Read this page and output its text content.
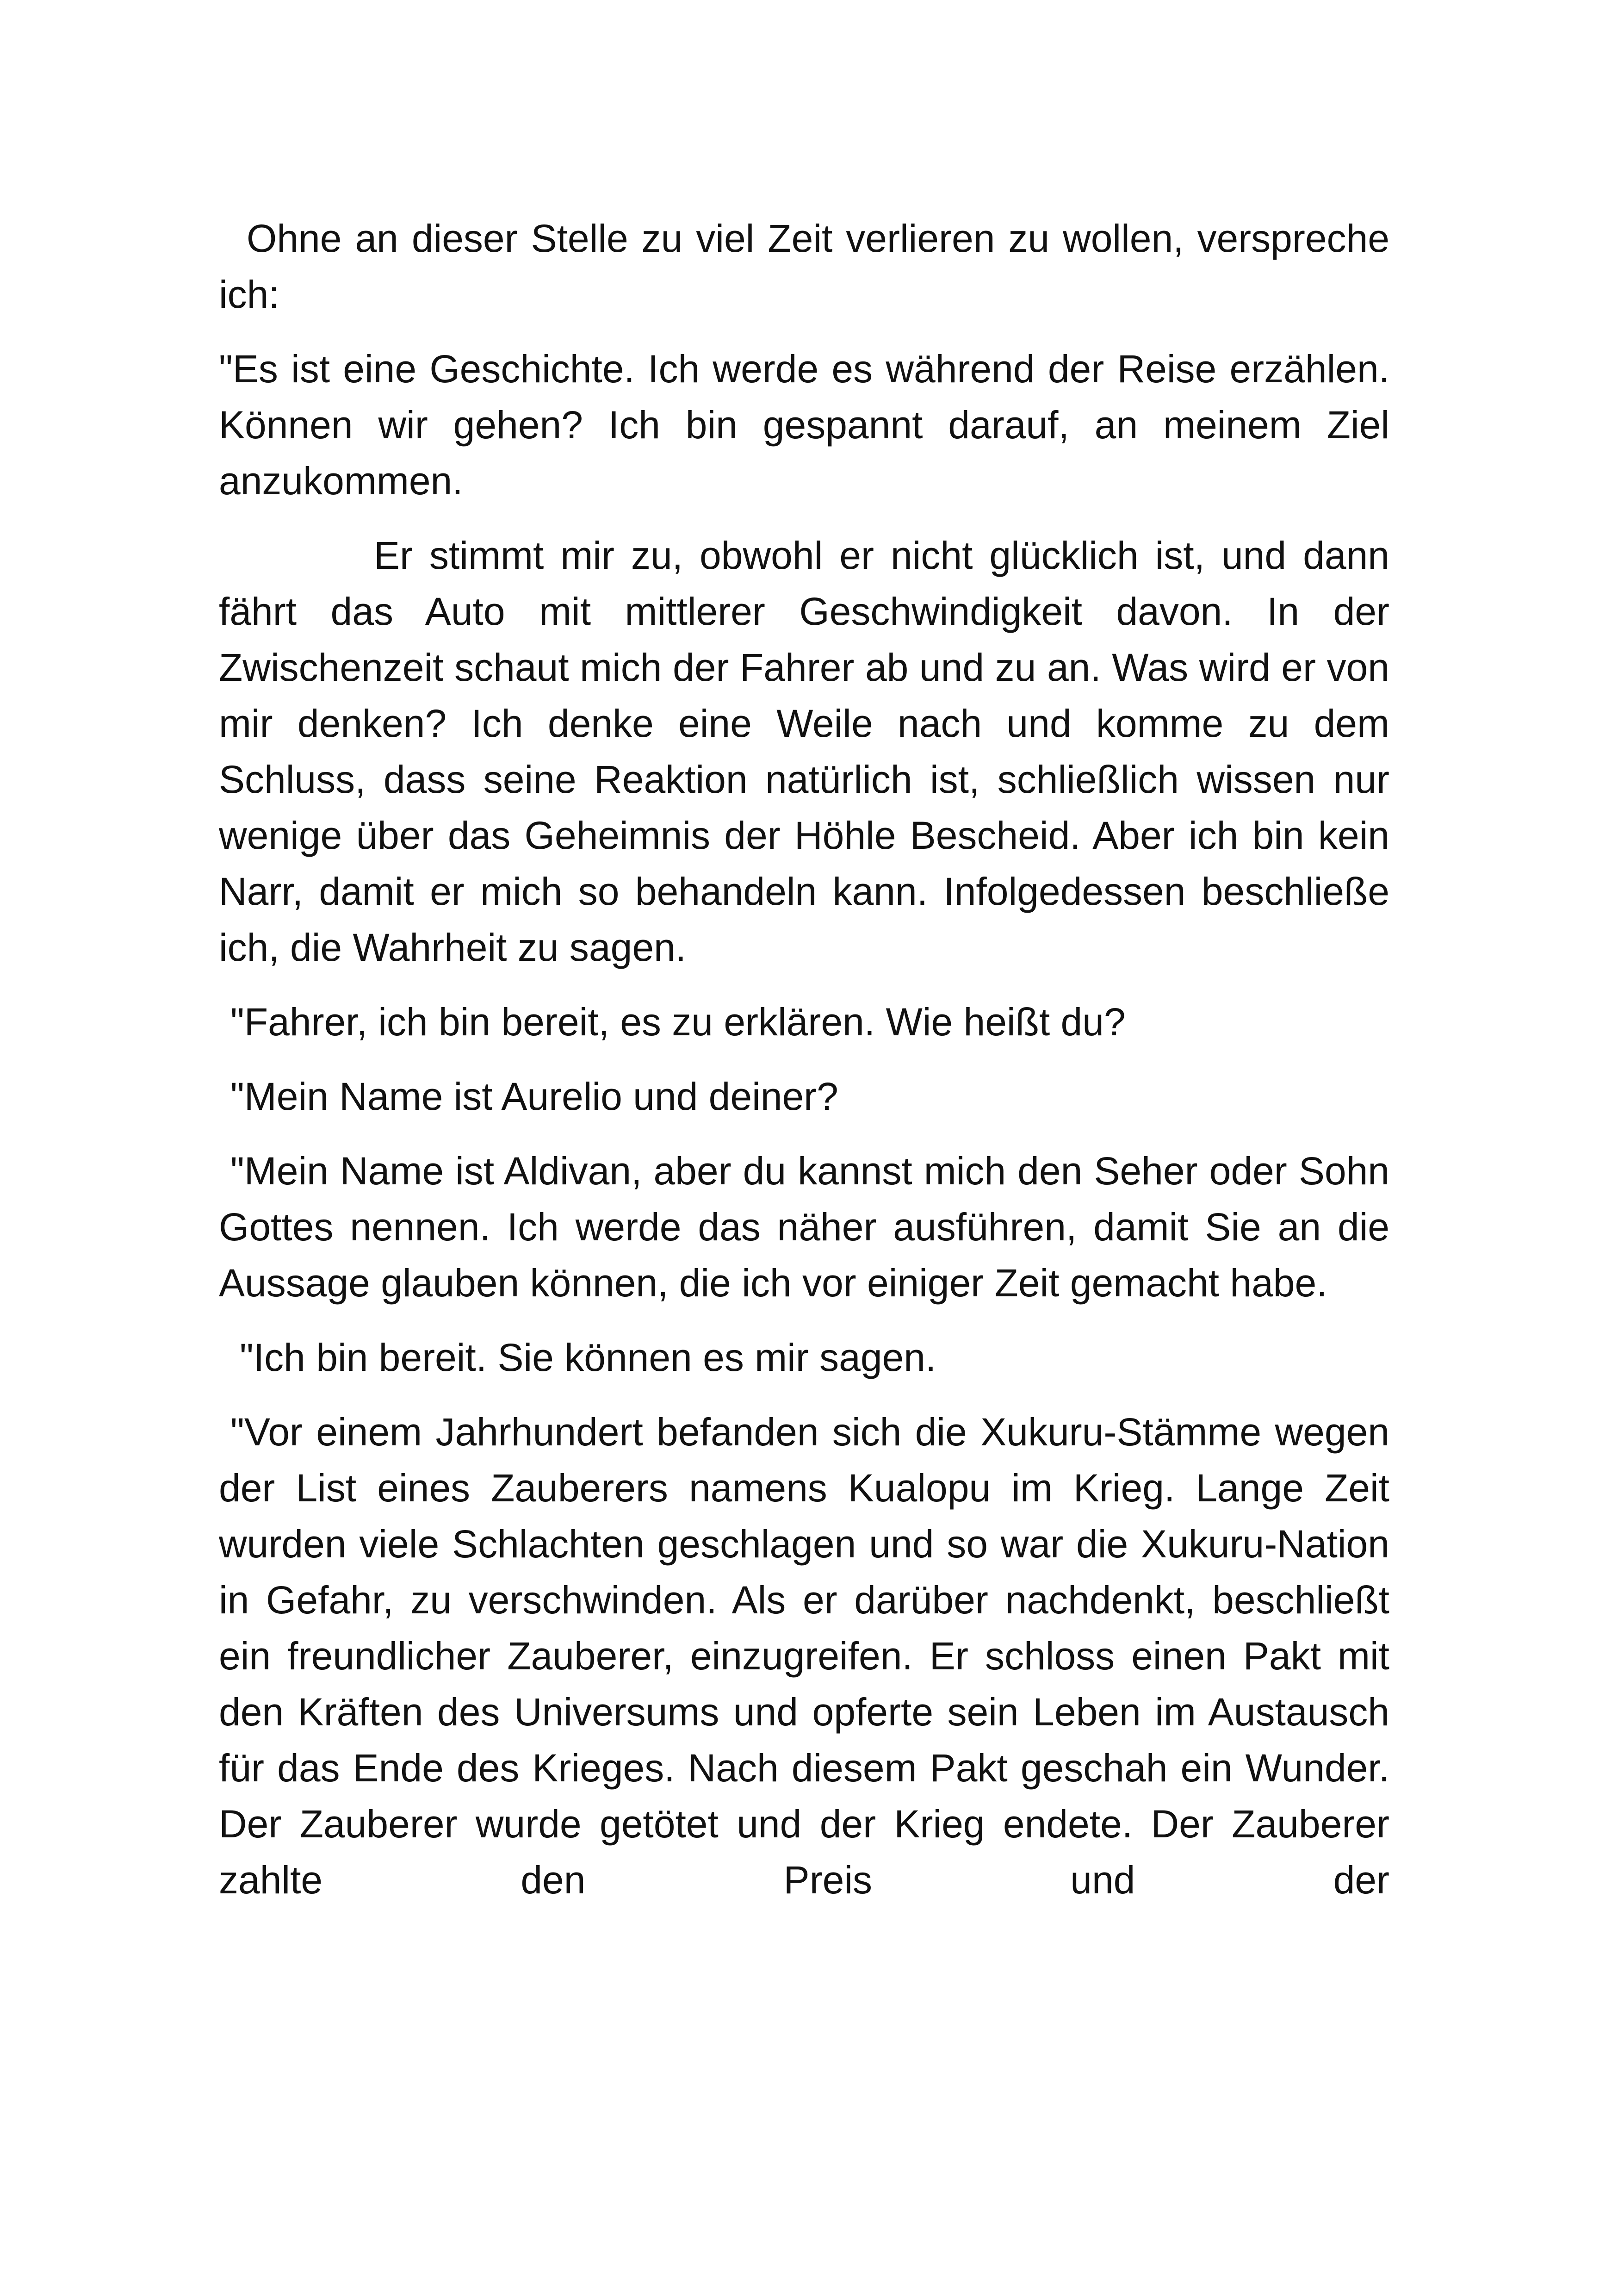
Ohne an dieser Stelle zu viel Zeit verlieren zu wollen, verspreche ich:

"Es ist eine Geschichte. Ich werde es während der Reise erzählen. Können wir gehen? Ich bin gespannt darauf, an meinem Ziel anzukommen.

Er stimmt mir zu, obwohl er nicht glücklich ist, und dann fährt das Auto mit mittlerer Geschwindigkeit davon. In der Zwischenzeit schaut mich der Fahrer ab und zu an. Was wird er von mir denken? Ich denke eine Weile nach und komme zu dem Schluss, dass seine Reaktion natürlich ist, schließlich wissen nur wenige über das Geheimnis der Höhle Bescheid. Aber ich bin kein Narr, damit er mich so behandeln kann. Infolgedessen beschließe ich, die Wahrheit zu sagen.

"Fahrer, ich bin bereit, es zu erklären. Wie heißt du?

"Mein Name ist Aurelio und deiner?

"Mein Name ist Aldivan, aber du kannst mich den Seher oder Sohn Gottes nennen. Ich werde das näher ausführen, damit Sie an die Aussage glauben können, die ich vor einiger Zeit gemacht habe.

"Ich bin bereit. Sie können es mir sagen.

"Vor einem Jahrhundert befanden sich die Xukuru-Stämme wegen der List eines Zauberers namens Kualopu im Krieg. Lange Zeit wurden viele Schlachten geschlagen und so war die Xukuru-Nation in Gefahr, zu verschwinden. Als er darüber nachdenkt, beschließt ein freundlicher Zauberer, einzugreifen. Er schloss einen Pakt mit den Kräften des Universums und opferte sein Leben im Austausch für das Ende des Krieges. Nach diesem Pakt geschah ein Wunder. Der Zauberer wurde getötet und der Krieg endete. Der Zauberer zahlte den Preis und der
